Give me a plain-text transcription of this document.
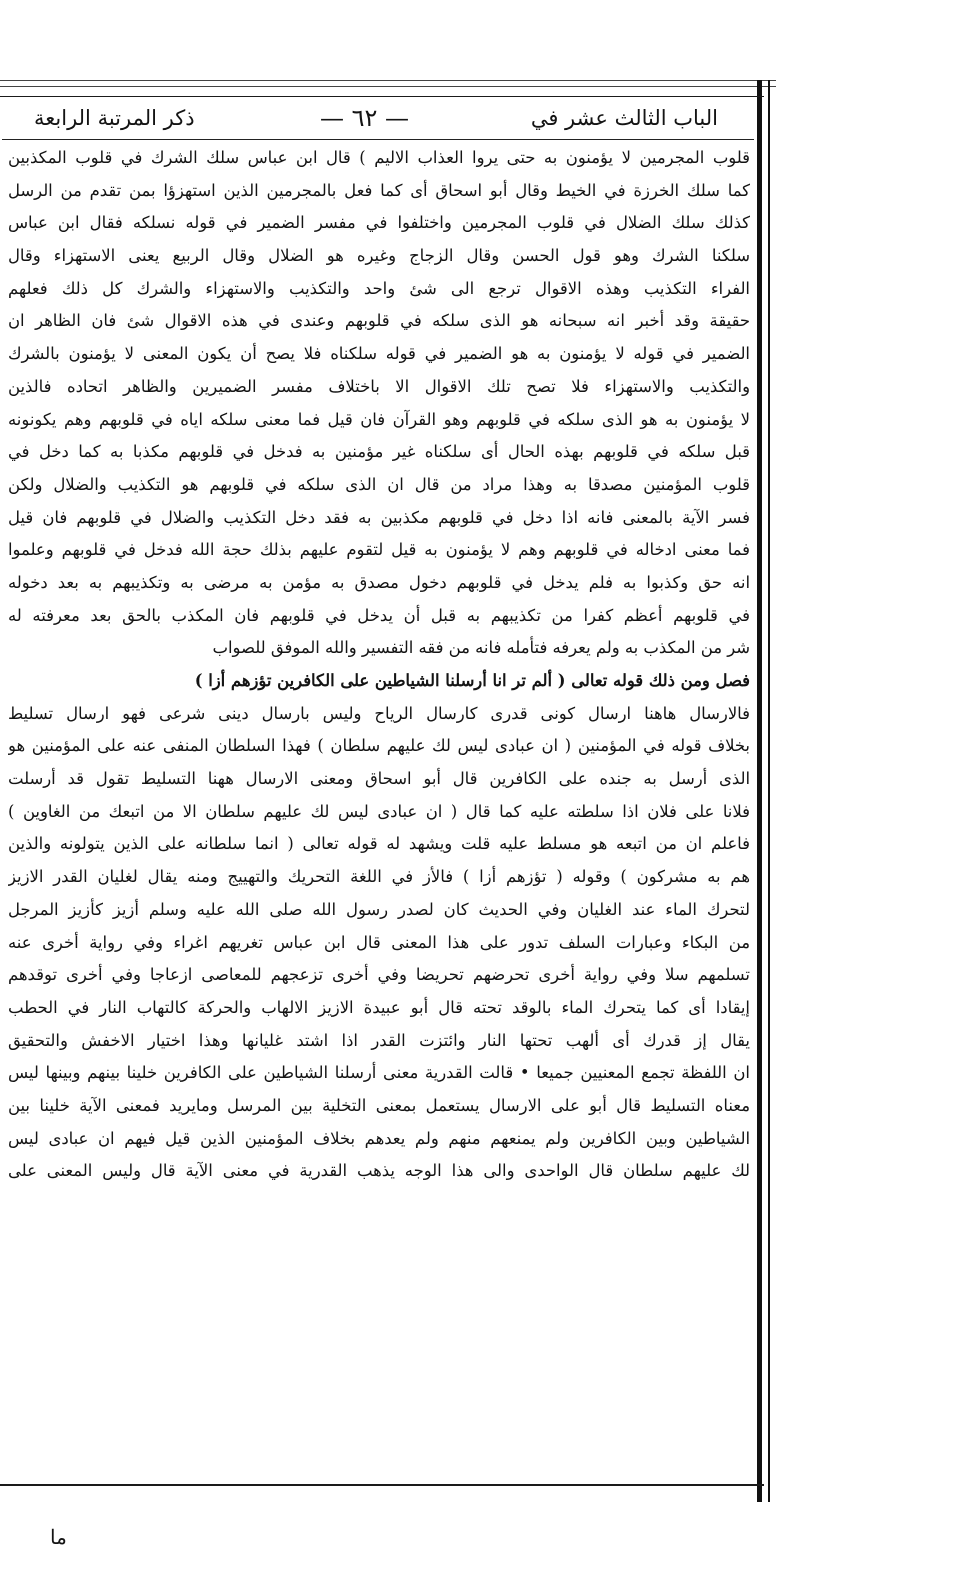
الباب الثالث عشر في
— ٦٢ —
ذكر المرتبة الرابعة
قلوب المجرمين لا يؤمنون به حتى يروا العذاب الاليم ) قال ابن عباس سلك الشرك في قلوب المكذبين
كما سلك الخرزة في الخيط وقال أبو اسحاق أى كما فعل بالمجرمين الذين استهزؤا بمن تقدم من الرسل
كذلك سلك الضلال في قلوب المجرمين واختلفوا في مفسر الضمير في قوله نسلكه فقال ابن عباس
سلكنا الشرك وهو قول الحسن وقال الزجاج وغيره هو الضلال وقال الربيع يعنى الاستهزاء وقال
الفراء التكذيب وهذه الاقوال ترجع الى شئ واحد والتكذيب والاستهزاء والشرك كل ذلك فعلهم
حقيقة وقد أخبر انه سبحانه هو الذى سلكه في قلوبهم وعندى في هذه الاقوال شئ فان الظاهر ان
الضمير في قوله لا يؤمنون به هو الضمير في قوله سلكناه فلا يصح أن يكون المعنى لا يؤمنون بالشرك
والتكذيب والاستهزاء فلا تصح تلك الاقوال الا باختلاف مفسر الضميرين والظاهر اتحاده فالذين
لا يؤمنون به هو الذى سلكه في قلوبهم وهو القرآن فان قيل فما معنى سلكه اياه في قلوبهم وهم يكونونه
قبل سلكه في قلوبهم بهذه الحال أى سلكناه غير مؤمنين به فدخل في قلوبهم مكذبا به كما دخل في
قلوب المؤمنين مصدقا به وهذا مراد من قال ان الذى سلكه في قلوبهم هو التكذيب والضلال ولكن
فسر الآية بالمعنى فانه اذا دخل في قلوبهم مكذبين به فقد دخل التكذيب والضلال في قلوبهم فان قيل
فما معنى ادخاله في قلوبهم وهم لا يؤمنون به قيل لتقوم عليهم بذلك حجة الله فدخل في قلوبهم وعلموا
انه حق وكذبوا به فلم يدخل في قلوبهم دخول مصدق به مؤمن به مرضى به وتكذيبهم به بعد دخوله
في قلوبهم أعظم كفرا من تكذيبهم به قبل أن يدخل في قلوبهم فان المكذب بالحق بعد معرفته له
شر من المكذب به ولم يعرفه فتأمله فانه من فقه التفسير والله الموفق للصواب
فصل ومن ذلك قوله تعالى ( ألم تر انا أرسلنا الشياطين على الكافرين تؤزهم أزا )
فالارسال هاهنا ارسال كونى قدرى كارسال الرياح وليس بارسال دينى شرعى فهو ارسال تسليط
بخلاف قوله في المؤمنين ( ان عبادى ليس لك عليهم سلطان ) فهذا السلطان المنفى عنه على المؤمنين هو
الذى أرسل به جنده على الكافرين قال أبو اسحاق ومعنى الارسال ههنا التسليط تقول قد أرسلت
فلانا على فلان اذا سلطته عليه كما قال ( ان عبادى ليس لك عليهم سلطان الا من اتبعك من الغاوين )
فاعلم ان من اتبعه هو مسلط عليه قلت ويشهد له قوله تعالى ( انما سلطانه على الذين يتولونه والذين
هم به مشركون ) وقوله ( تؤزهم أزا ) فالأز في اللغة التحريك والتهييج ومنه يقال لغليان القدر الازيز
لتحرك الماء عند الغليان وفي الحديث كان لصدر رسول الله صلى الله عليه وسلم أزيز كأزيز المرجل
من البكاء وعبارات السلف تدور على هذا المعنى قال ابن عباس تغريهم اغراء وفي رواية أخرى عنه
تسلمهم سلا وفي رواية أخرى تحرضهم تحريضا وفي أخرى تزعجهم للمعاصى ازعاجا وفي أخرى توقدهم
إيقادا أى كما يتحرك الماء بالوقد تحته قال أبو عبيدة الازيز الالهاب والحركة كالتهاب النار في الحطب
يقال إز قدرك أى ألهب تحتها النار وائتزت القدر اذا اشتد غليانها وهذا اختيار الاخفش والتحقيق
ان اللفظة تجمع المعنيين جميعا • قالت القدرية معنى أرسلنا الشياطين على الكافرين خلينا بينهم وبينها ليس
معناه التسليط قال أبو على الارسال يستعمل بمعنى التخلية بين المرسل ومايريد فمعنى الآية خلينا بين
الشياطين وبين الكافرين ولم يمنعهم منهم ولم يعدهم بخلاف المؤمنين الذين قيل فيهم ان عبادى ليس
لك عليهم سلطان قال الواحدى والى هذا الوجه يذهب القدرية في معنى الآية قال وليس المعنى على
ما
